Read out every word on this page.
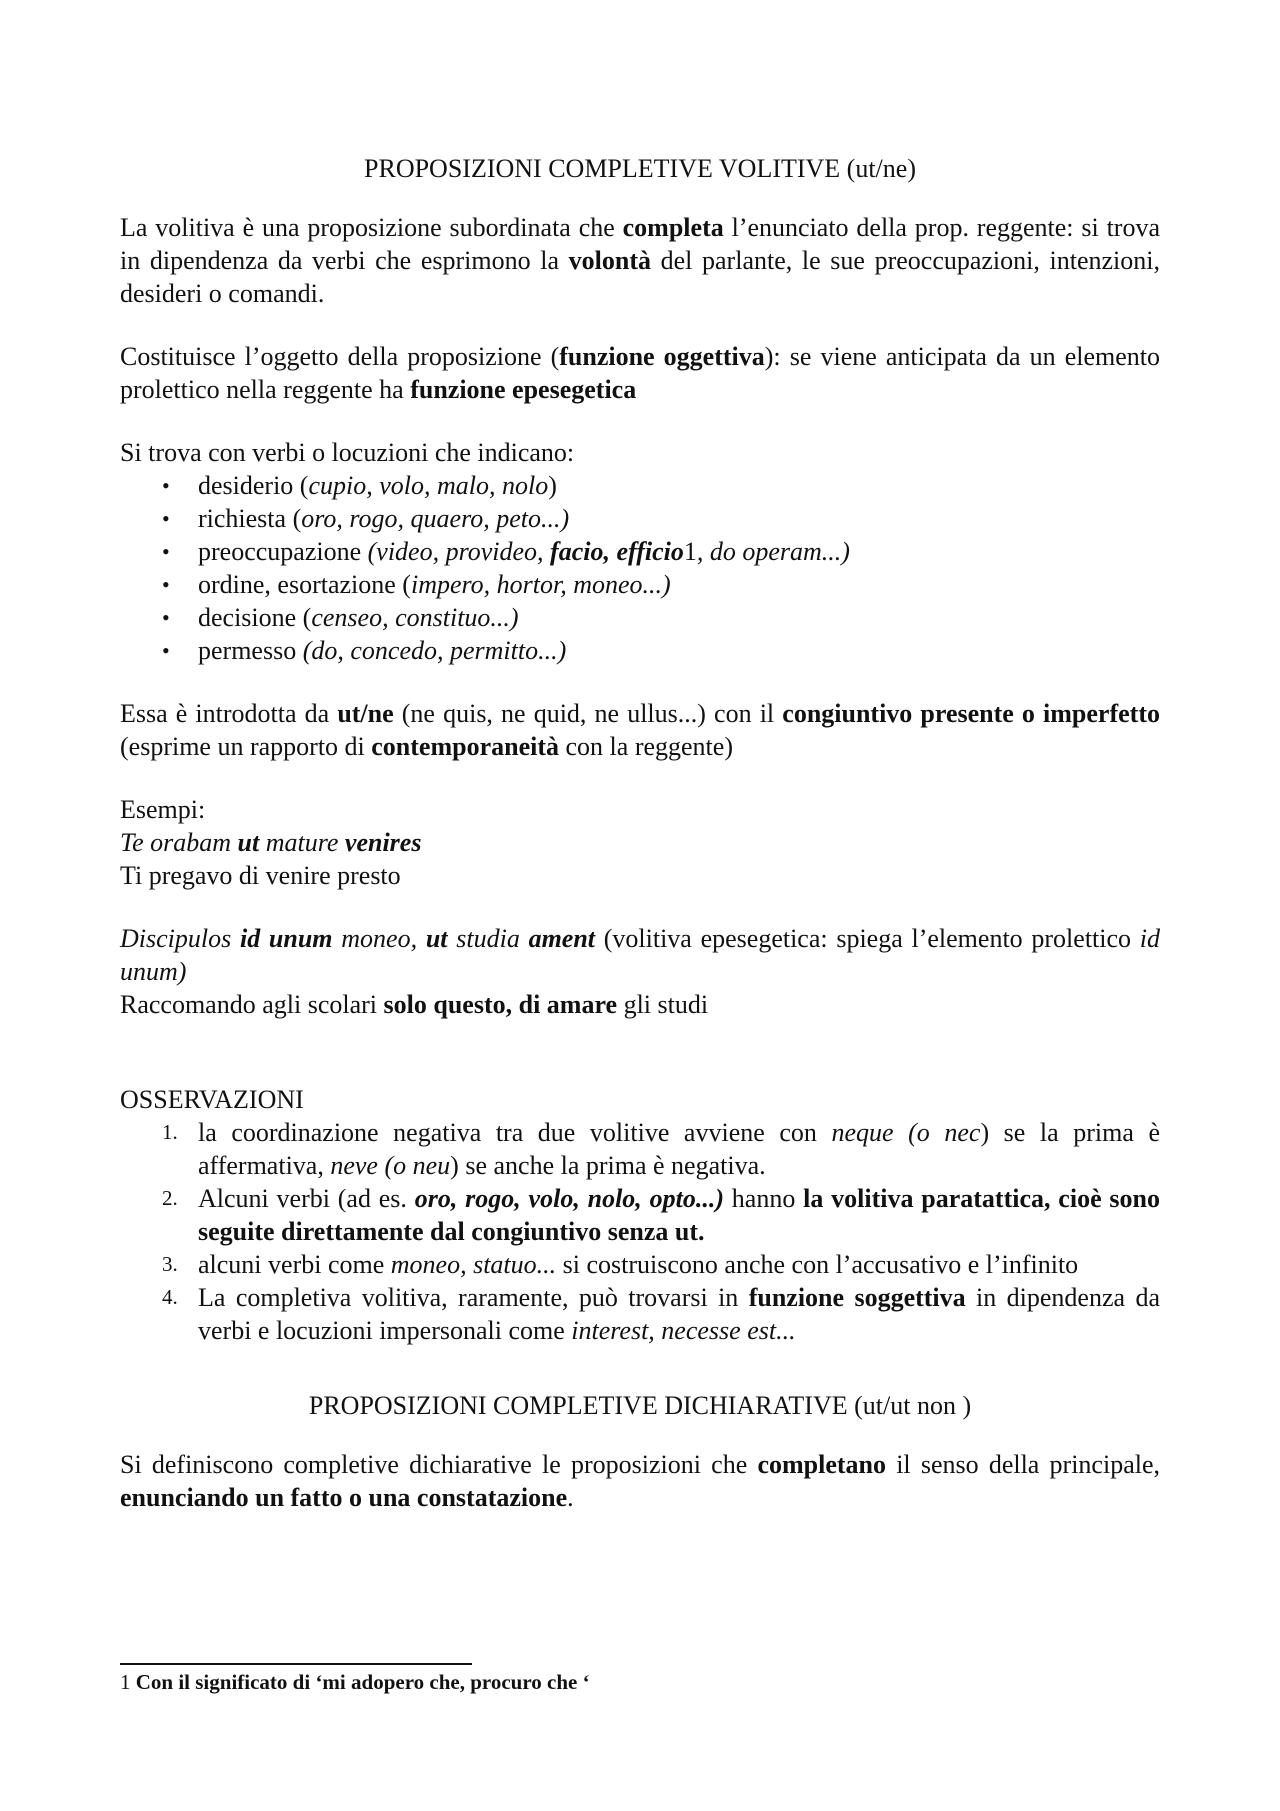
PROPOSIZIONI COMPLETIVE VOLITIVE (ut/ne)

La volitiva è una proposizione subordinata che completa l’enunciato della prop. reggente: si trova in dipendenza da verbi che esprimono la volontà del parlante, le sue preoccupazioni, intenzioni, desideri o comandi.

Costituisce l’oggetto della proposizione (funzione oggettiva): se viene anticipata da un elemento prolettico nella reggente ha funzione epesegetica

Si trova con verbi o locuzioni che indicano:

• desiderio (cupio, volo, malo, nolo)
• richiesta (oro, rogo, quaero, peto...)
• preoccupazione (video, provideo, facio, efficio1, do operam...)
• ordine, esortazione (impero, hortor, moneo...)
• decisione (censeo, constituo...)
• permesso (do, concedo, permitto...)

Essa è introdotta da ut/ne (ne quis, ne quid, ne ullus...) con il congiuntivo presente o imperfetto (esprime un rapporto di contemporaneità con la reggente)

Esempi:
Te orabam ut mature venires
Ti pregavo di venire presto
Discipulos id unum moneo, ut studia ament (volitiva epesegetica: spiega l’elemento prolettico id unum)
Raccomando agli scolari solo questo, di amare gli studi
OSSERVAZIONI
1. la coordinazione negativa tra due volitive avviene con neque (o nec) se la prima è affermativa, neve (o neu) se anche la prima è negativa.
2. Alcuni verbi (ad es. oro, rogo, volo, nolo, opto...) hanno la volitiva paratattica, cioè sono seguite direttamente dal congiuntivo senza ut.
3. alcuni verbi come moneo, statuo... si costruiscono anche con l’accusativo e l’infinito
4. La completiva volitiva, raramente, può trovarsi in funzione soggettiva in dipendenza da verbi e locuzioni impersonali come interest, necesse est...
PROPOSIZIONI COMPLETIVE DICHIARATIVE (ut/ut non )

Si definiscono completive dichiarative le proposizioni che completano il senso della principale, enunciando un fatto o una constatazione.

1 Con il significato di ‘mi adopero che, procuro che ‘
